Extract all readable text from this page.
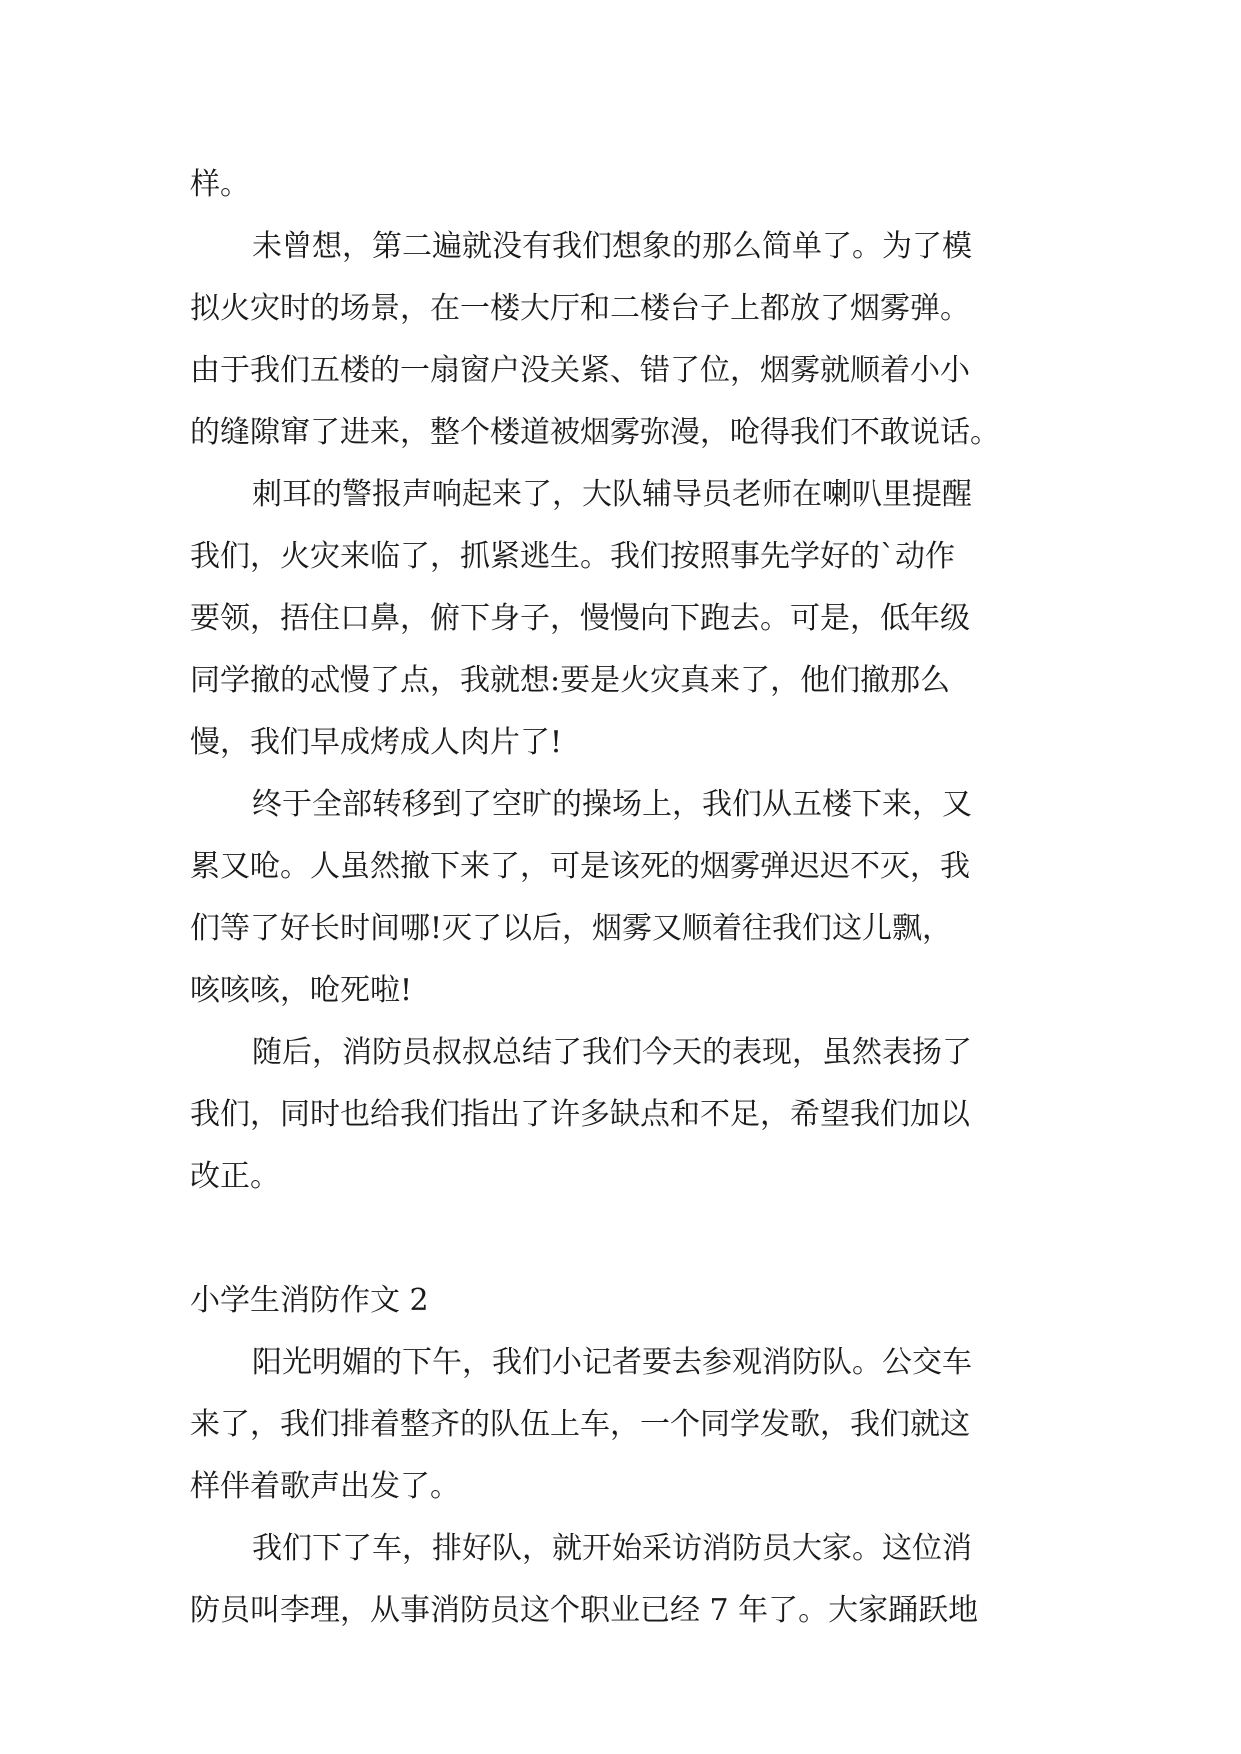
样。
未曾想，第二遍就没有我们想象的那么简单了。为了模
拟火灾时的场景，在一楼大厅和二楼台子上都放了烟雾弹。
由于我们五楼的一扇窗户没关紧、错了位，烟雾就顺着小小
的缝隙窜了进来，整个楼道被烟雾弥漫，呛得我们不敢说话。
刺耳的警报声响起来了，大队辅导员老师在喇叭里提醒
我们，火灾来临了，抓紧逃生。我们按照事先学好的`动作
要领，捂住口鼻，俯下身子，慢慢向下跑去。可是，低年级
同学撤的忒慢了点，我就想:要是火灾真来了，他们撤那么
慢，我们早成烤成人肉片了!
终于全部转移到了空旷的操场上，我们从五楼下来，又
累又呛。人虽然撤下来了，可是该死的烟雾弹迟迟不灭，我
们等了好长时间哪!灭了以后，烟雾又顺着往我们这儿飘，
咳咳咳，呛死啦!
随后，消防员叔叔总结了我们今天的表现，虽然表扬了
我们，同时也给我们指出了许多缺点和不足，希望我们加以
改正。
小学生消防作文 2
阳光明媚的下午，我们小记者要去参观消防队。公交车
来了，我们排着整齐的队伍上车，一个同学发歌，我们就这
样伴着歌声出发了。
我们下了车，排好队，就开始采访消防员大家。这位消
防员叫李理，从事消防员这个职业已经 7 年了。大家踊跃地
